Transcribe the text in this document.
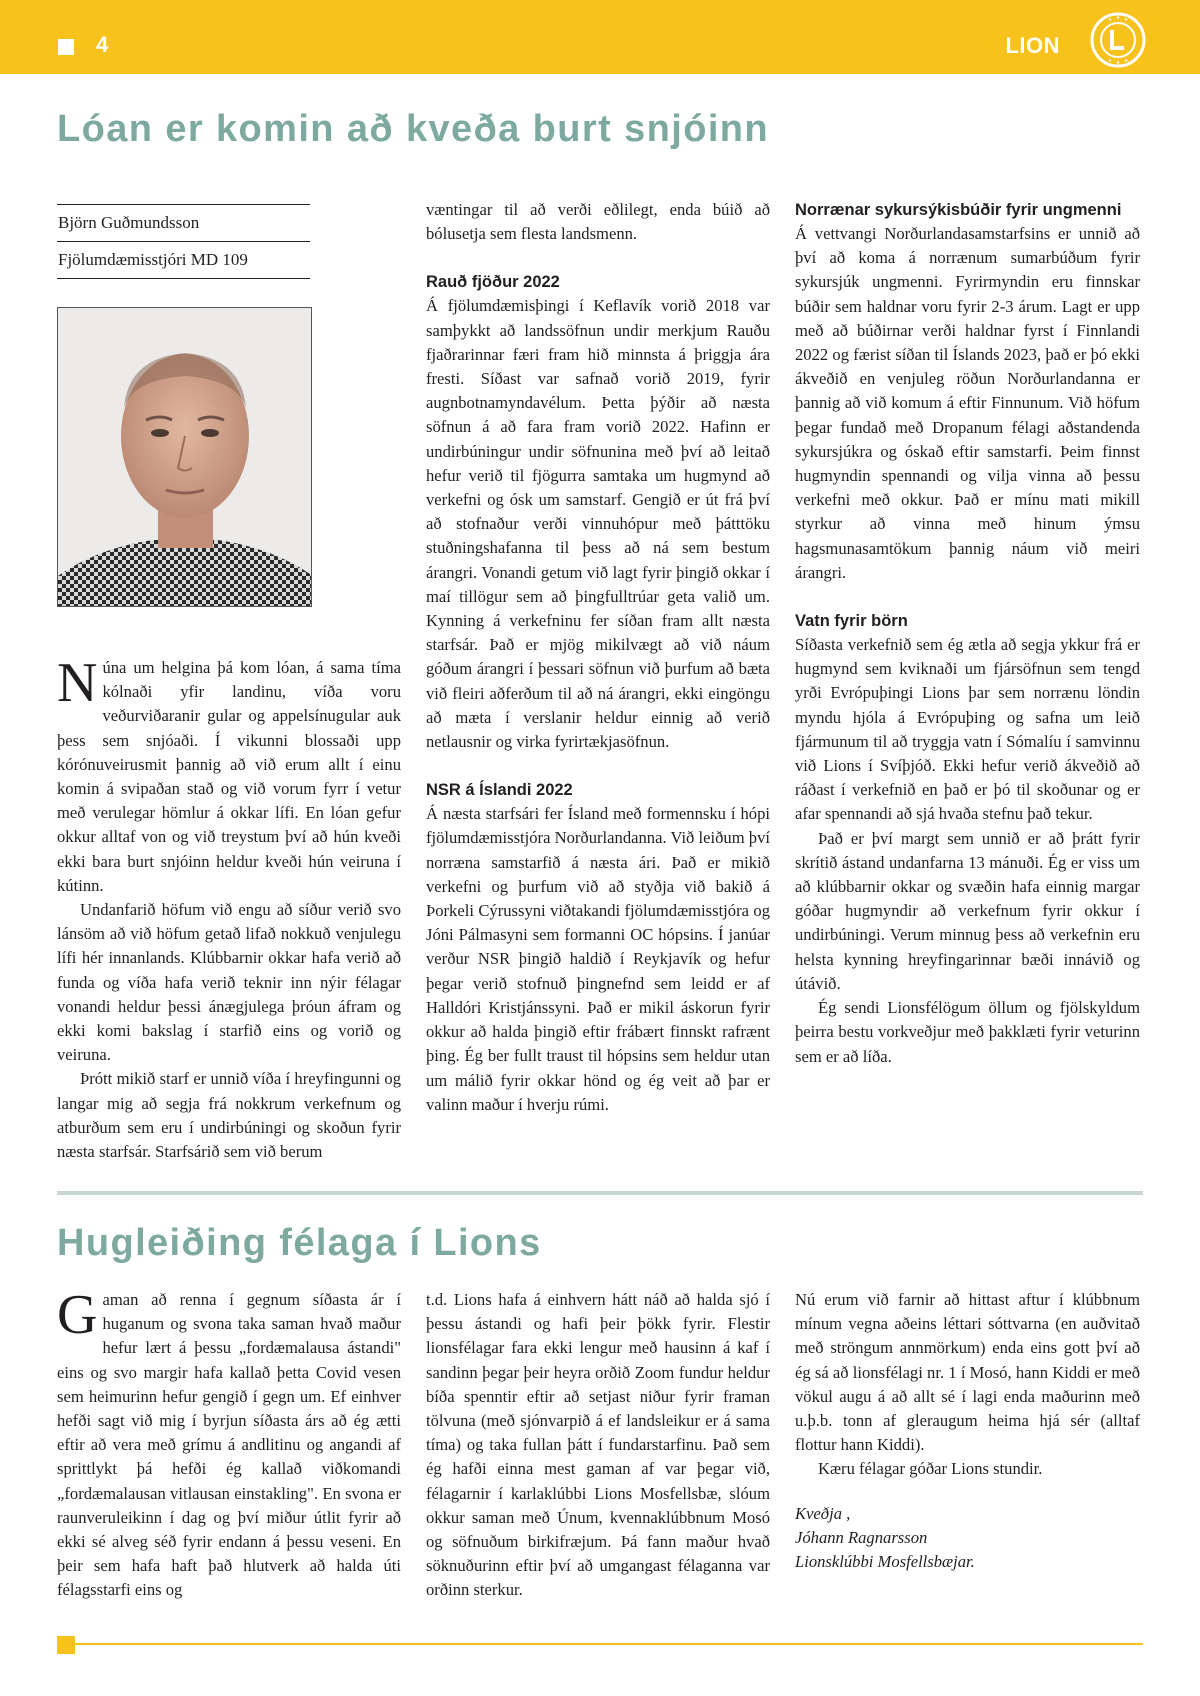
4	LION
Lóan er komin að kveða burt snjóinn
Björn Guðmundsson
Fjölumdæmisstjóri MD 109

Núna um helgina þá kom lóan, á sama tíma kólnaði yfir landinu, víða voru veðurviðaranir gular og appelsínugular auk þess sem snjóaði. Í vikunni blossaði upp kórónuveirusmit þannig að við erum allt í einu komin á svipaðan stað og við vorum fyrr í vetur með verulegar hömlur á okkar lífi. En lóan gefur okkur alltaf von og við treystum því að hún kveði ekki bara burt snjóinn heldur kveði hún veiruna í kútinn.

Undanfarið höfum við engu að síður verið svo lánsöm að við höfum getað lifað nokkuð venjulegu lífi hér innanlands. Klúbbarnir okkar hafa verið að funda og víða hafa verið teknir inn nýir félagar vonandi heldur þessi ánægjulega þróun áfram og ekki komi bakslag í starfið eins og vorið og veiruna.

Þrótt mikið starf er unnið víða í hreyfingunni og langar mig að segja frá nokkrum verkefnum og atburðum sem eru í undirbúningi og skoðun fyrir næsta starfsár. Starfsárið sem við berum

væntingar til að verði eðlilegt, enda búið að bólusetja sem flesta landsmenn.

Rauð fjöður 2022

Á fjölumdæmisþingi í Keflavík vorið 2018 var samþykkt að landssöfnun undir merkjum Rauðu fjaðrarinnar færi fram hið minnsta á þriggja ára fresti. Síðast var safnað vorið 2019, fyrir augnbotnamyndavélum. Þetta þýðir að næsta söfnun á að fara fram vorið 2022. Hafinn er undirbúningur undir söfnunina með því að leitað hefur verið til fjögurra samtaka um hugmynd að verkefni og ósk um samstarf. Gengið er út frá því að stofnaður verði vinnuhópur með þátttöku stuðningshafanna til þess að ná sem bestum árangri. Vonandi getum við lagt fyrir þingið okkar í maí tillögur sem að þingfulltrúar geta valið um. Kynning á verkefninu fer síðan fram allt næsta starfsár. Það er mjög mikilvægt að við náum góðum árangri í þessari söfnun við þurfum að bæta við fleiri aðferðum til að ná árangri, ekki eingöngu að mæta í verslanir heldur einnig að verið netlausnir og virka fyrirtækjasöfnun.

NSR á Íslandi 2022

Á næsta starfsári fer Ísland með formennsku í hópi fjölumdæmisstjóra Norðurlandanna. Við leiðum því norræna samstarfið á næsta ári. Það er mikið verkefni og þurfum við að styðja við bakið á Þorkeli Cýrussyni viðtakandi fjölumdæmisstjóra og Jóni Pálmasyni sem formanni OC hópsins. Í janúar verður NSR þingið haldið í Reykjavík og hefur þegar verið stofnuð þingnefnd sem leidd er af Halldóri Kristjánssyni. Það er mikil áskorun fyrir okkur að halda þingið eftir frábært finnskt rafrænt þing. Ég ber fullt traust til hópsins sem heldur utan um málið fyrir okkar hönd og ég veit að þar er valinn maður í hverju rúmi.

Norrænar sykursýkisbúðir fyrir ungmenni

Á vettvangi Norðurlandasamstarfsins er unnið að því að koma á norrænum sumarbúðum fyrir sykursjúk ungmenni. Fyrirmyndin eru finnskar búðir sem haldnar voru fyrir 2-3 árum. Lagt er upp með að búðirnar verði haldnar fyrst í Finnlandi 2022 og færist síðan til Íslands 2023, það er þó ekki ákveðið en venjuleg röðun Norðurlandanna er þannig að við komum á eftir Finnunum. Við höfum þegar fundað með Dropanum félagi aðstandenda sykursjúkra og óskað eftir samstarfi. Þeim finnst hugmyndin spennandi og vilja vinna að þessu verkefni með okkur. Það er mínu mati mikill styrkur að vinna með hinum ýmsu hagsmunasamtökum þannig náum við meiri árangri.

Vatn fyrir börn

Síðasta verkefnið sem ég ætla að segja ykkur frá er hugmynd sem kviknaði um fjársöfnun sem tengd yrði Evrópuþingi Lions þar sem norrænu löndin myndu hjóla á Evrópuþing og safna um leið fjármunum til að tryggja vatn í Sómalíu í samvinnu við Lions í Svíþjóð. Ekki hefur verið ákveðið að ráðast í verkefnið en það er þó til skoðunar og er afar spennandi að sjá hvaða stefnu það tekur.

Það er því margt sem unnið er að þrátt fyrir skrítið ástand undanfarna 13 mánuði. Ég er viss um að klúbbarnir okkar og svæðin hafa einnig margar góðar hugmyndir að verkefnum fyrir okkur í undirbúningi. Verum minnug þess að verkefnin eru helsta kynning hreyfingarinnar bæði innávið og útávið.

Ég sendi Lionsfélögum öllum og fjölskyldum þeirra bestu vorkveðjur með þakklæti fyrir veturinn sem er að líða.

Hugleiðing félaga í Lions

Gaman að renna í gegnum síðasta ár í huganum og svona taka saman hvað maður hefur lært á þessu „fordæmalausa ástandi" eins og svo margir hafa kallað þetta Covid vesen sem heimurinn hefur gengið í gegn um. Ef einhver hefði sagt við mig í byrjun síðasta árs að ég ætti eftir að vera með grímu á andlitinu og angandi af sprittlykt þá hefði ég kallað viðkomandi „fordæmalausan vitlausan einstakling". En svona er raunveruleikinn í dag og því miður útlit fyrir að ekki sé alveg séð fyrir endann á þessu veseni. En þeir sem hafa haft það hlutverk að halda úti félagsstarfi eins og

t.d. Lions hafa á einhvern hátt náð að halda sjó í þessu ástandi og hafi þeir þökk fyrir. Flestir lionsfélagar fara ekki lengur með hausinn á kaf í sandinn þegar þeir heyra orðið Zoom fundur heldur bíða spenntir eftir að setjast niður fyrir framan tölvuna (með sjónvarpið á ef landsleikur er á sama tíma) og taka fullan þátt í fundarstarfinu. Það sem ég hafði einna mest gaman af var þegar við, félagarnir í karlaklúbbi Lions Mosfellsbæ, slóum okkur saman með Únum, kvennaklúbbnum Mosó og söfnuðum birkifræjum. Þá fann maður hvað söknuðurinn eftir því að umgangast félaganna var orðinn sterkur.

Nú erum við farnir að hittast aftur í klúbbnum mínum vegna aðeins léttari sóttvarna (en auðvitað með ströngum annmörkum) enda eins gott því að ég sá að lionsfélagi nr. 1 í Mosó, hann Kiddi er með vökul augu á að allt sé í lagi enda maðurinn með u.þ.b. tonn af gleraugum heima hjá sér (alltaf flottur hann Kiddi).

Kæru félagar góðar Lions stundir.

Kveðja ,
Jóhann Ragnarsson
Lionsklúbbi Mosfellsbæjar.
